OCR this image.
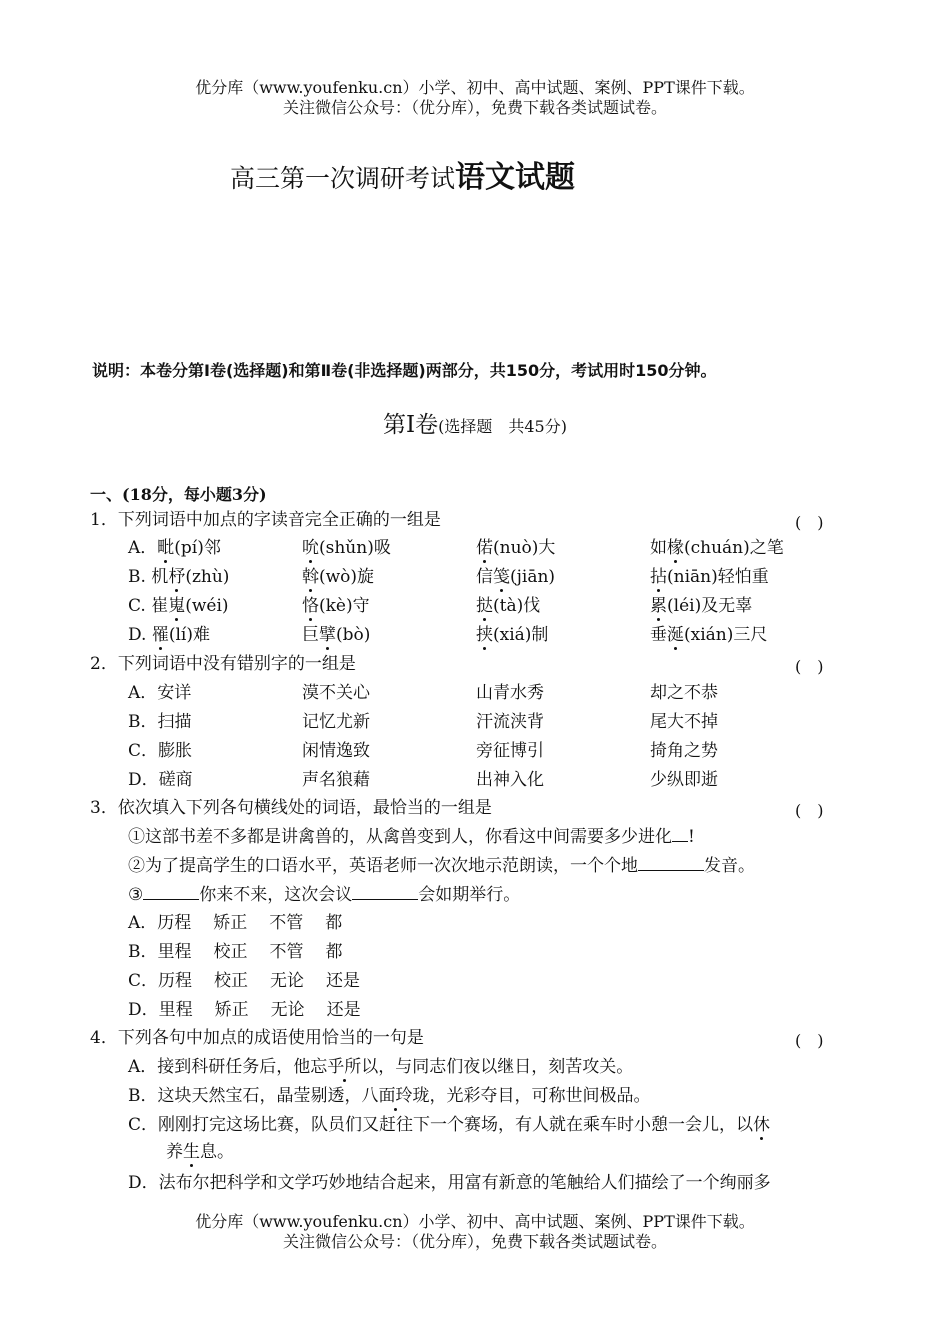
优分库（www.youfenku.cn）小学、初中、高中试题、案例、PPT课件下载。
关注微信公众号：（优分库），免费下载各类试题试卷。
高三第一次调研考试语文试题
说明：本卷分第Ⅰ卷(选择题)和第Ⅱ卷(非选择题)两部分，共150分，考试用时150分钟。
第Ⅰ卷(选择题　共45分)
一、(18分，每小题3分)
1．下列词语中加点的字读音完全正确的一组是	(　)
A．毗(pí)邻	吮(shǔn)吸	偌(nuò)大	如椽(chuán)之笔
B. 机杼(zhù)	斡(wò)旋	信笺(jiān)	拈(niān)轻怕重
C. 崔嵬(wéi)	恪(kè)守	挞(tà)伐	累(léi)及无辜
D. 罹(lí)难	巨擘(bò)	挟(xiá)制	垂涎(xián)三尺
2．下列词语中没有错别字的一组是	(　)
A．安详	漠不关心	山青水秀	却之不恭
B．扫描	记忆尤新	汗流浃背	尾大不掉
C．膨胀	闲情逸致	旁征博引	掎角之势
D．磋商	声名狼藉	出神入化	少纵即逝
3．依次填入下列各句横线处的词语，最恰当的一组是	(　)
①这部书差不多都是讲禽兽的，从禽兽变到人，你看这中间需要多少进化 !
②为了提高学生的口语水平，英语老师一次次地示范朗读，一个个地	发音。
③	你来不来，这次会议	会如期举行。
A．历程　 矫正　 不管　 都
B．里程　 校正　 不管　 都
C．历程　 校正　 无论　 还是
D．里程　 矫正　 无论　 还是
4．下列各句中加点的成语使用恰当的一句是	(　)
A．接到科研任务后，他忘乎所以，与同志们夜以继日，刻苦攻关。
B．这块天然宝石，晶莹剔透，八面玲珑，光彩夺目，可称世间极品。
C．刚刚打完这场比赛，队员们又赶往下一个赛场，有人就在乘车时小憩一会儿，以休
养生息。
D．法布尔把科学和文学巧妙地结合起来，用富有新意的笔触给人们描绘了一个绚丽多
优分库（www.youfenku.cn）小学、初中、高中试题、案例、PPT课件下载。
关注微信公众号：（优分库），免费下载各类试题试卷。
